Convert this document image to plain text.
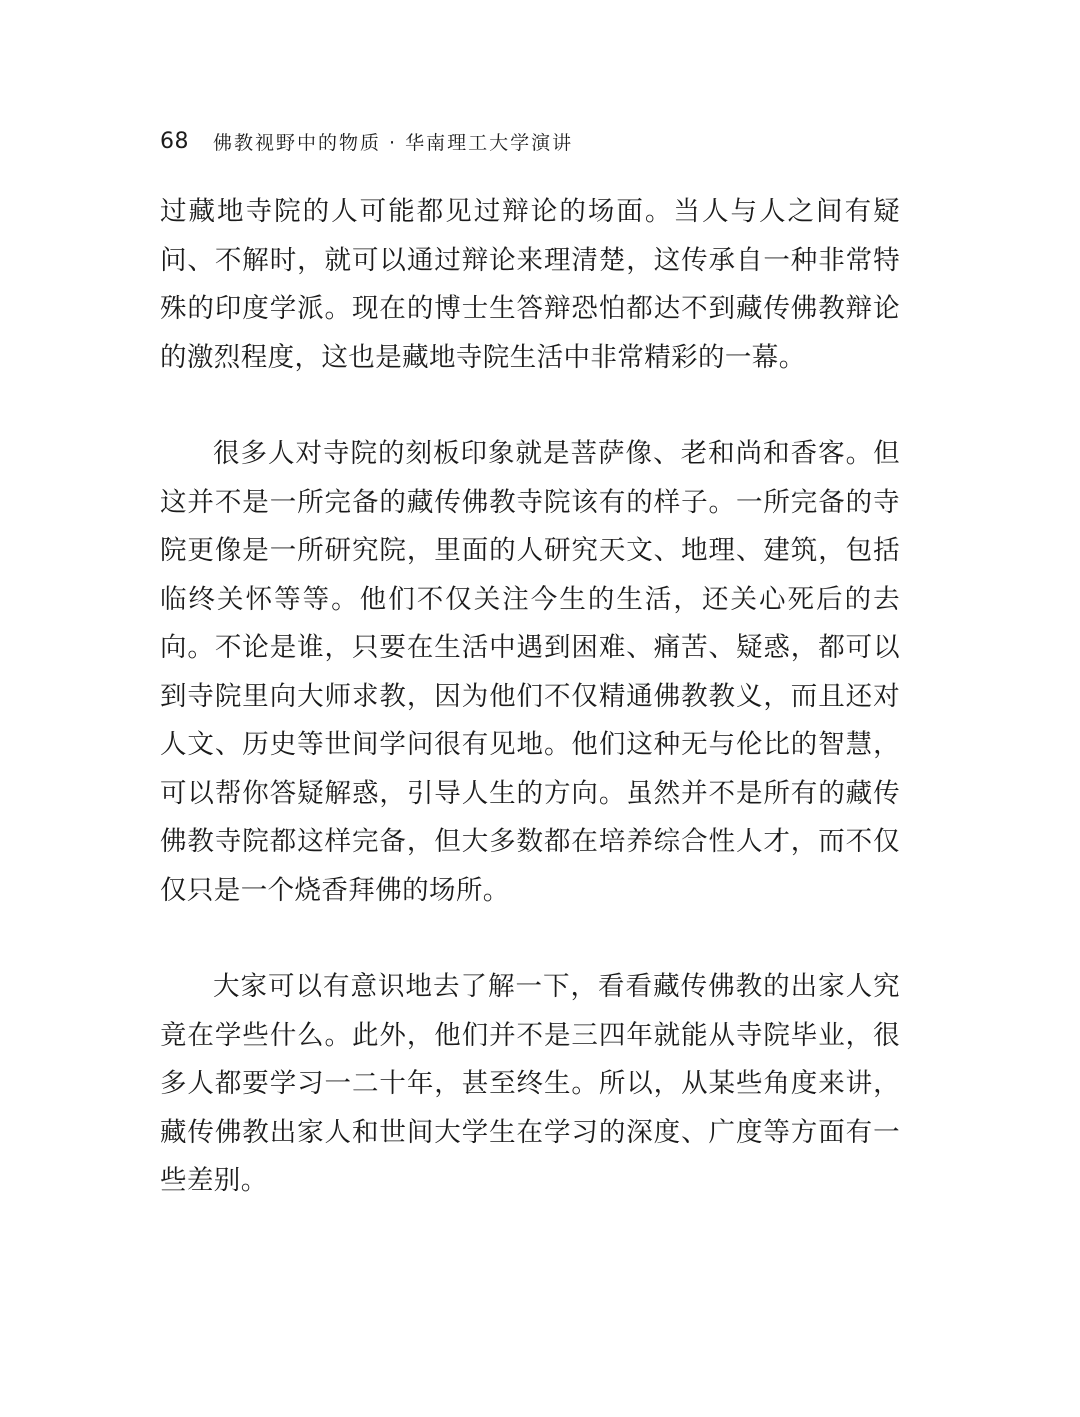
68 佛教视野中的物质 · 华南理工大学演讲

过藏地寺院的人可能都见过辩论的场面。当人与人之间有疑问、不解时，就可以通过辩论来理清楚，这传承自一种非常特殊的印度学派。现在的博士生答辩恐怕都达不到藏传佛教辩论的激烈程度，这也是藏地寺院生活中非常精彩的一幕。

很多人对寺院的刻板印象就是菩萨像、老和尚和香客。但这并不是一所完备的藏传佛教寺院该有的样子。一所完备的寺院更像是一所研究院，里面的人研究天文、地理、建筑，包括临终关怀等等。他们不仅关注今生的生活，还关心死后的去向。不论是谁，只要在生活中遇到困难、痛苦、疑惑，都可以到寺院里向大师求教，因为他们不仅精通佛教教义，而且还对人文、历史等世间学问很有见地。他们这种无与伦比的智慧，可以帮你答疑解惑，引导人生的方向。虽然并不是所有的藏传佛教寺院都这样完备，但大多数都在培养综合性人才，而不仅仅只是一个烧香拜佛的场所。

大家可以有意识地去了解一下，看看藏传佛教的出家人究竟在学些什么。此外，他们并不是三四年就能从寺院毕业，很多人都要学习一二十年，甚至终生。所以，从某些角度来讲，藏传佛教出家人和世间大学生在学习的深度、广度等方面有一些差别。
